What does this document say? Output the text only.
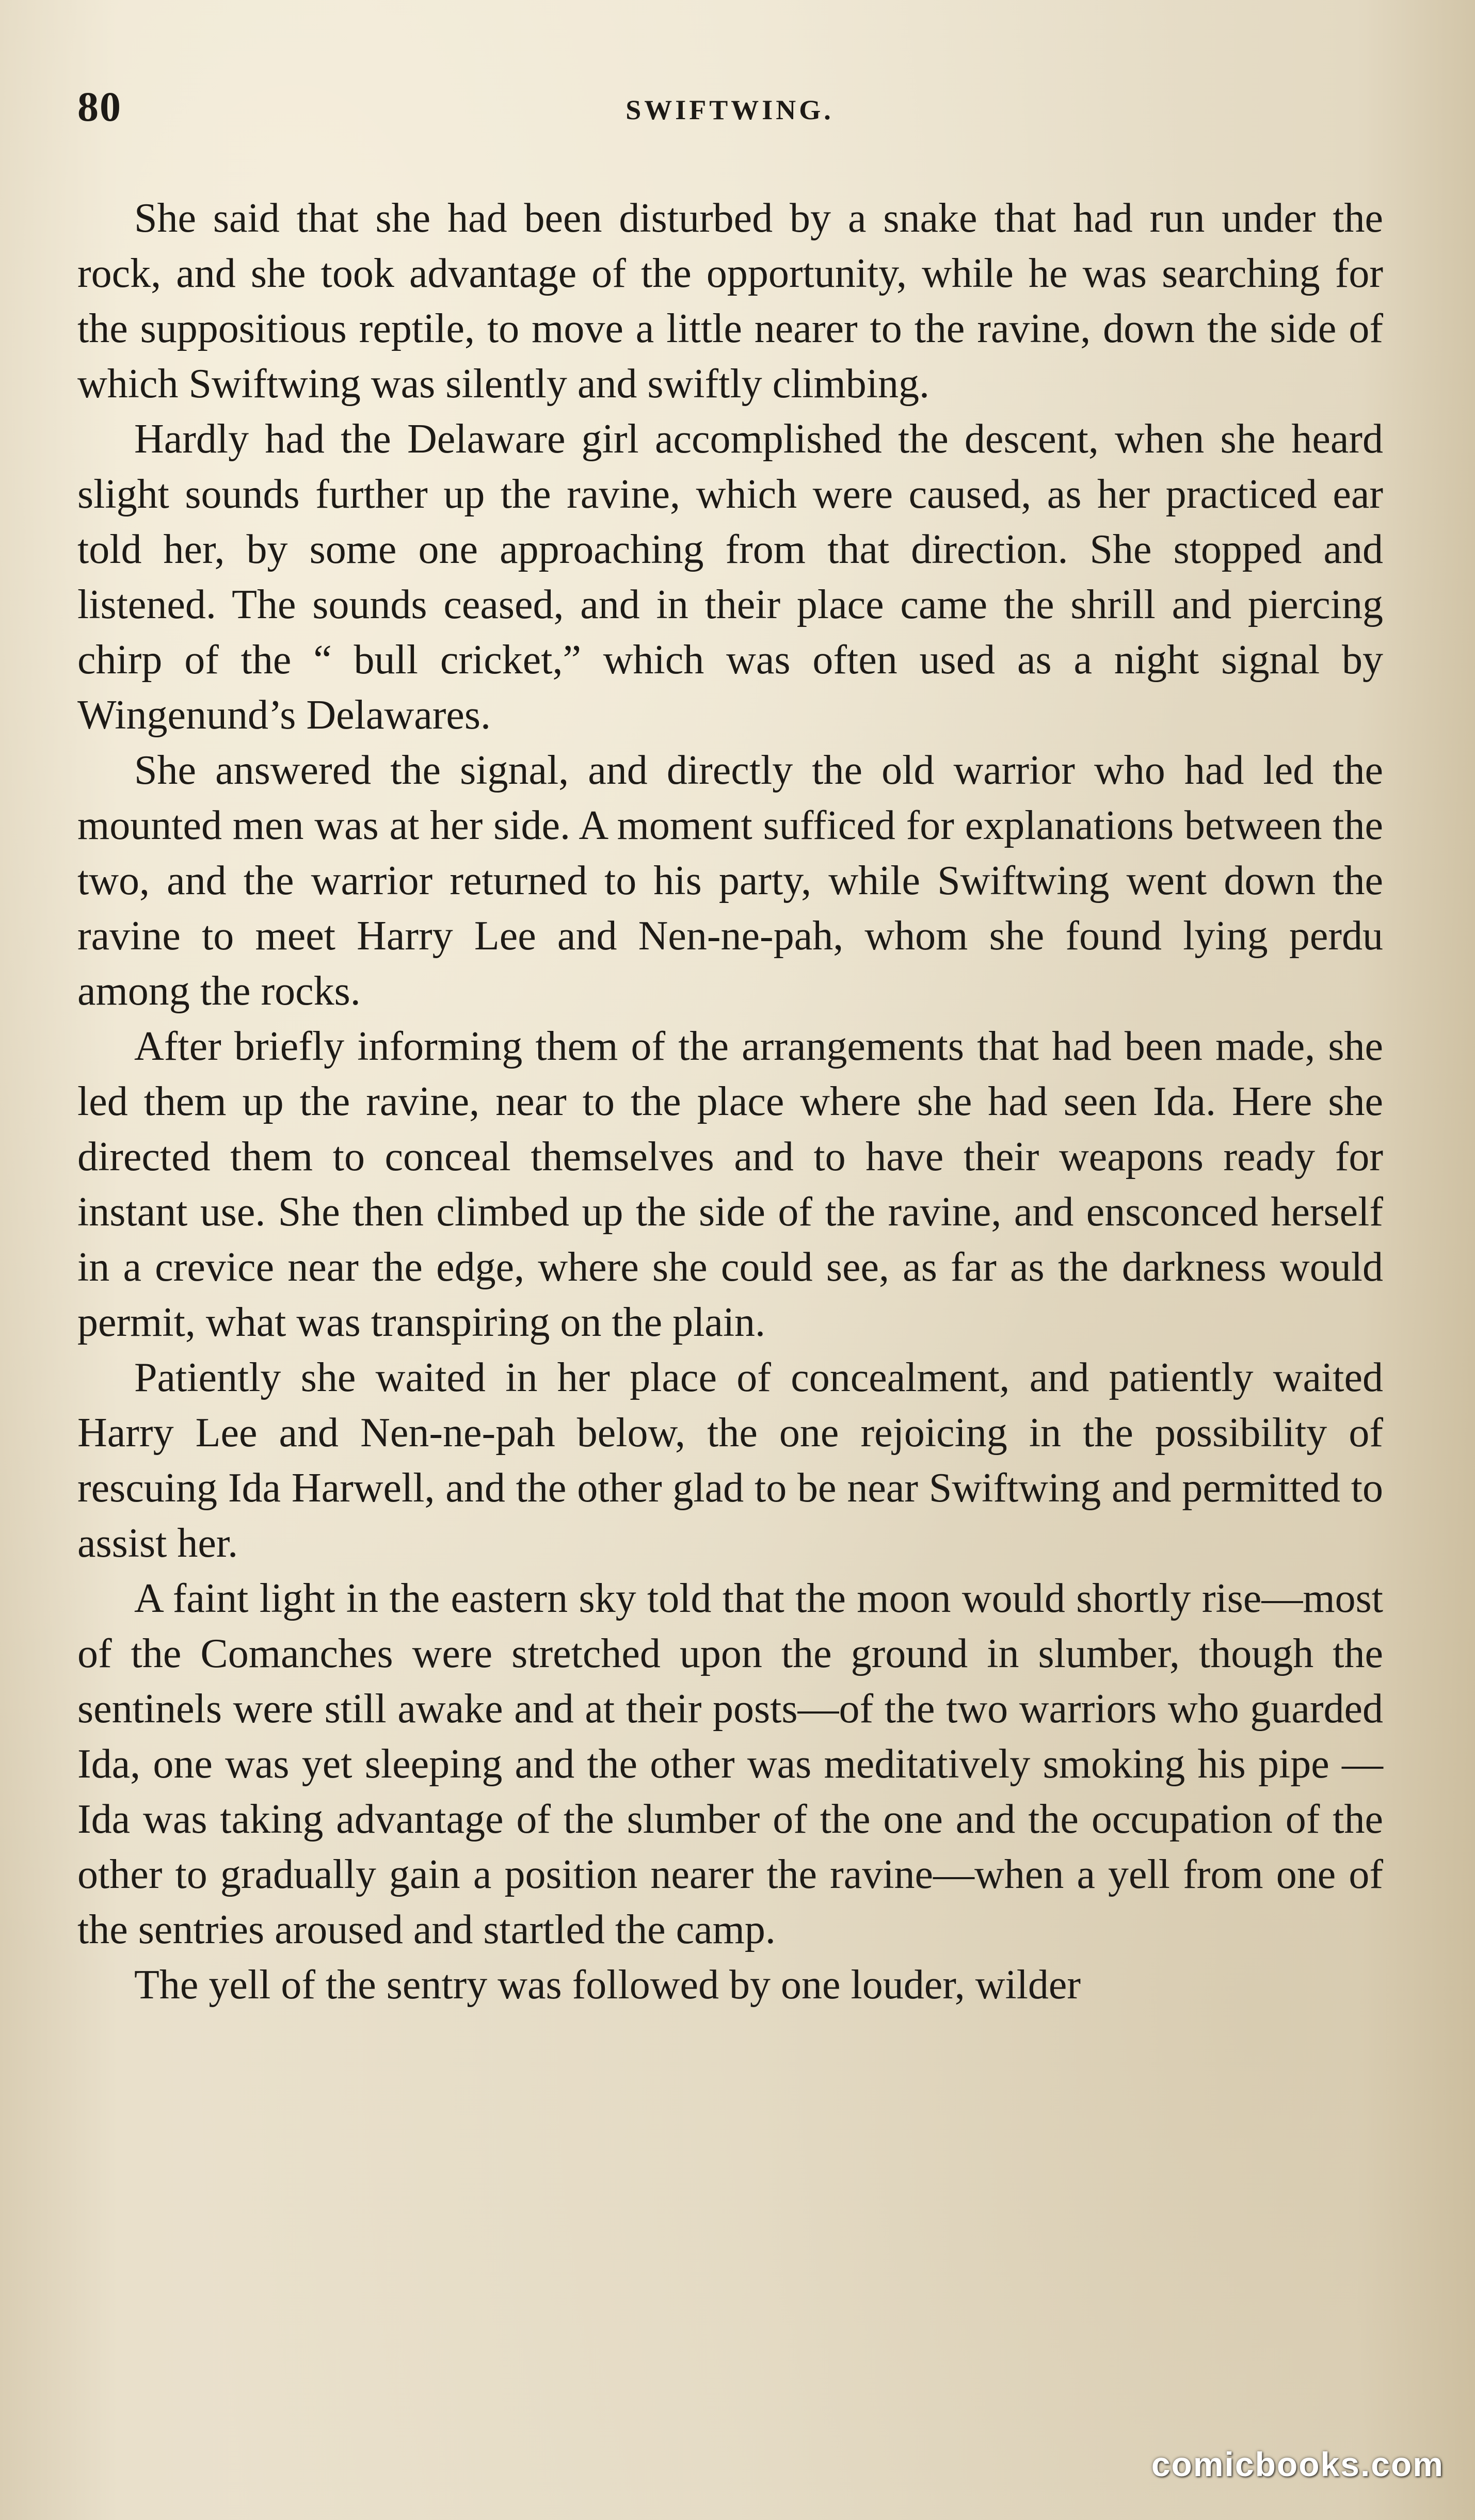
80	SWIFTWING.

She said that she had been disturbed by a snake that had run under the rock, and she took advantage of the opportunity, while he was searching for the suppositious reptile, to move a little nearer to the ravine, down the side of which Swiftwing was silently and swiftly climbing.

Hardly had the Delaware girl accomplished the descent, when she heard slight sounds further up the ravine, which were caused, as her practiced ear told her, by some one approaching from that direction. She stopped and listened. The sounds ceased, and in their place came the shrill and piercing chirp of the “ bull cricket,” which was often used as a night signal by Wingenund’s Delawares.

She answered the signal, and directly the old warrior who had led the mounted men was at her side. A moment sufficed for explanations between the two, and the warrior returned to his party, while Swiftwing went down the ravine to meet Harry Lee and Nen-ne-pah, whom she found lying perdu among the rocks.

After briefly informing them of the arrangements that had been made, she led them up the ravine, near to the place where she had seen Ida. Here she directed them to conceal themselves and to have their weapons ready for instant use. She then climbed up the side of the ravine, and ensconced herself in a crevice near the edge, where she could see, as far as the darkness would permit, what was transpiring on the plain.

Patiently she waited in her place of concealment, and patiently waited Harry Lee and Nen-ne-pah below, the one rejoicing in the possibility of rescuing Ida Harwell, and the other glad to be near Swiftwing and permitted to assist her.

A faint light in the eastern sky told that the moon would shortly rise—most of the Comanches were stretched upon the ground in slumber, though the sentinels were still awake and at their posts—of the two warriors who guarded Ida, one was yet sleeping and the other was meditatively smoking his pipe —Ida was taking advantage of the slumber of the one and the occupation of the other to gradually gain a position nearer the ravine—when a yell from one of the sentries aroused and startled the camp.

The yell of the sentry was followed by one louder, wilder

comicbooks.com
